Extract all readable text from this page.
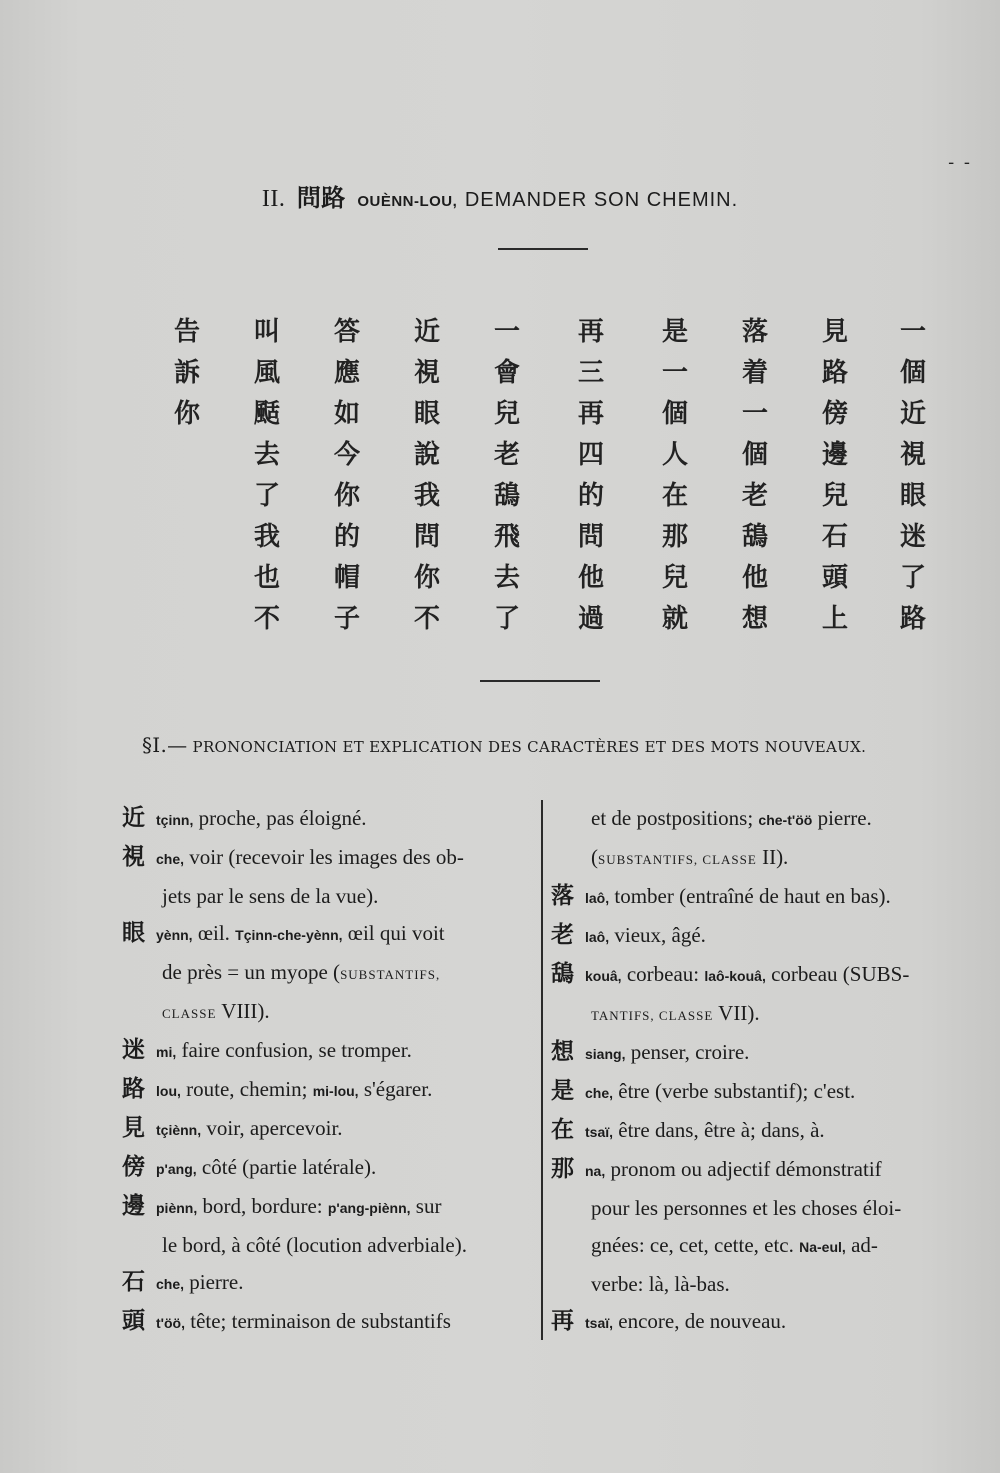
- -
II. 問路 OUÈNN-LOU, DEMANDER SON CHEMIN.
一個近視眼迷了路
見路傍邊兒石頭上
落着一個老鴰他想
是一個人在那兒就
再三再四的問他過
一會兒老鴰飛去了
近視眼說我問你不
答應如今你的帽子
叫風颳去了我也不
告訴你
§I.— PRONONCIATION ET EXPLICATION DES CARACTÈRES ET DES MOTS NOUVEAUX.
近tçinn, proche, pas éloigné.
視che, voir (recevoir les images des ob-
jets par le sens de la vue).
眼yènn, œil. Tçinn-che-yènn, œil qui voit
de près = un myope (SUBSTANTIFS,
CLASSE VIII).
迷mi, faire confusion, se tromper.
路lou, route, chemin; mi-lou, s'égarer.
見tçiènn, voir, apercevoir.
傍p'ang, côté (partie latérale).
邊piènn, bord, bordure: p'ang-piènn, sur
le bord, à côté (locution adverbiale).
石che, pierre.
頭t'öö, tête; terminaison de substantifs
et de postpositions; che-t'öö pierre.
(SUBSTANTIFS, CLASSE II).
落laô, tomber (entraîné de haut en bas).
老laô, vieux, âgé.
鴰kouâ, corbeau: laô-kouâ, corbeau (SUBS-
TANTIFS, CLASSE VII).
想siang, penser, croire.
是che, être (verbe substantif); c'est.
在tsaï, être dans, être à; dans, à.
那na, pronom ou adjectif démonstratif
pour les personnes et les choses éloi-
gnées: ce, cet, cette, etc. Na-eul, ad-
verbe: là, là-bas.
再tsaï, encore, de nouveau.
